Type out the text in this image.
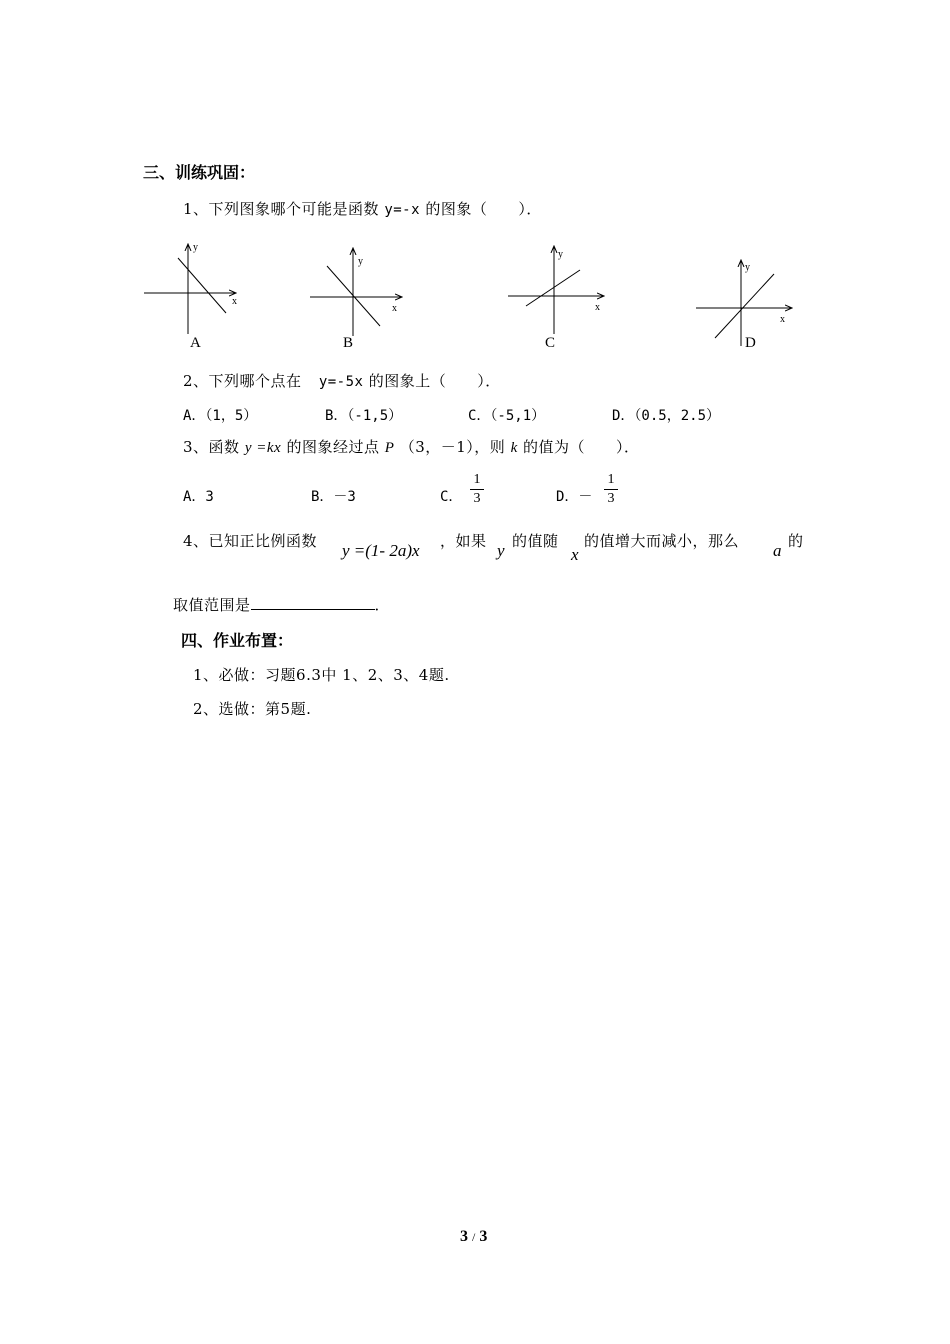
三、训练巩固：
1、下列图象哪个可能是函数 y=-x 的图象（　　）．
y
x
y
x
y
x
y
x
A	B	C	D
2、下列哪个点在 y=-5x 的图象上（　　）．
A．（1，5）	B．（-1,5）	C．（-5,1）	D．（0.5，2.5）
3、函数 y =kx 的图象经过点 P （3，－1），则 k 的值为（　　）．
A．3	B．－3	C．
1
3	D．－
1
3
4、已知正比例函数 y =(1- 2a)x ，如果 y 的值随
x
的值增大而减小，那么 a 的
取值范围是	．
四、作业布置：
1、必做：习题6.3中 1、2、3、4题.
2、选做：第5题.
3 / 3
